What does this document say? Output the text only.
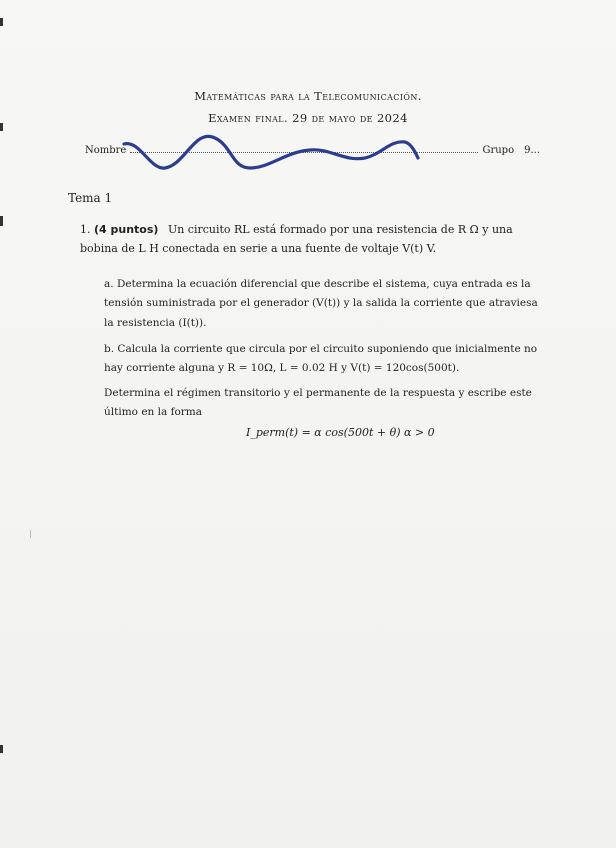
Matemáticas para la Telecomunicación.
Examen final. 29 de mayo de 2024
Nombre	Grupo 9...
Tema 1
1. (4 puntos) Un circuito RL está formado por una resistencia de R Ω y una bobina de L H conectada en serie a una fuente de voltaje V(t) V.
a. Determina la ecuación diferencial que describe el sistema, cuya entrada es la tensión suministrada por el generador (V(t)) y la salida la corriente que atraviesa la resistencia (I(t)).
b. Calcula la corriente que circula por el circuito suponiendo que inicialmente no hay corriente alguna y R = 10Ω, L = 0.02 H y V(t) = 120cos(500t).
Determina el régimen transitorio y el permanente de la respuesta y escribe este último en la forma
I_perm(t) = α cos(500t + θ) α > 0
